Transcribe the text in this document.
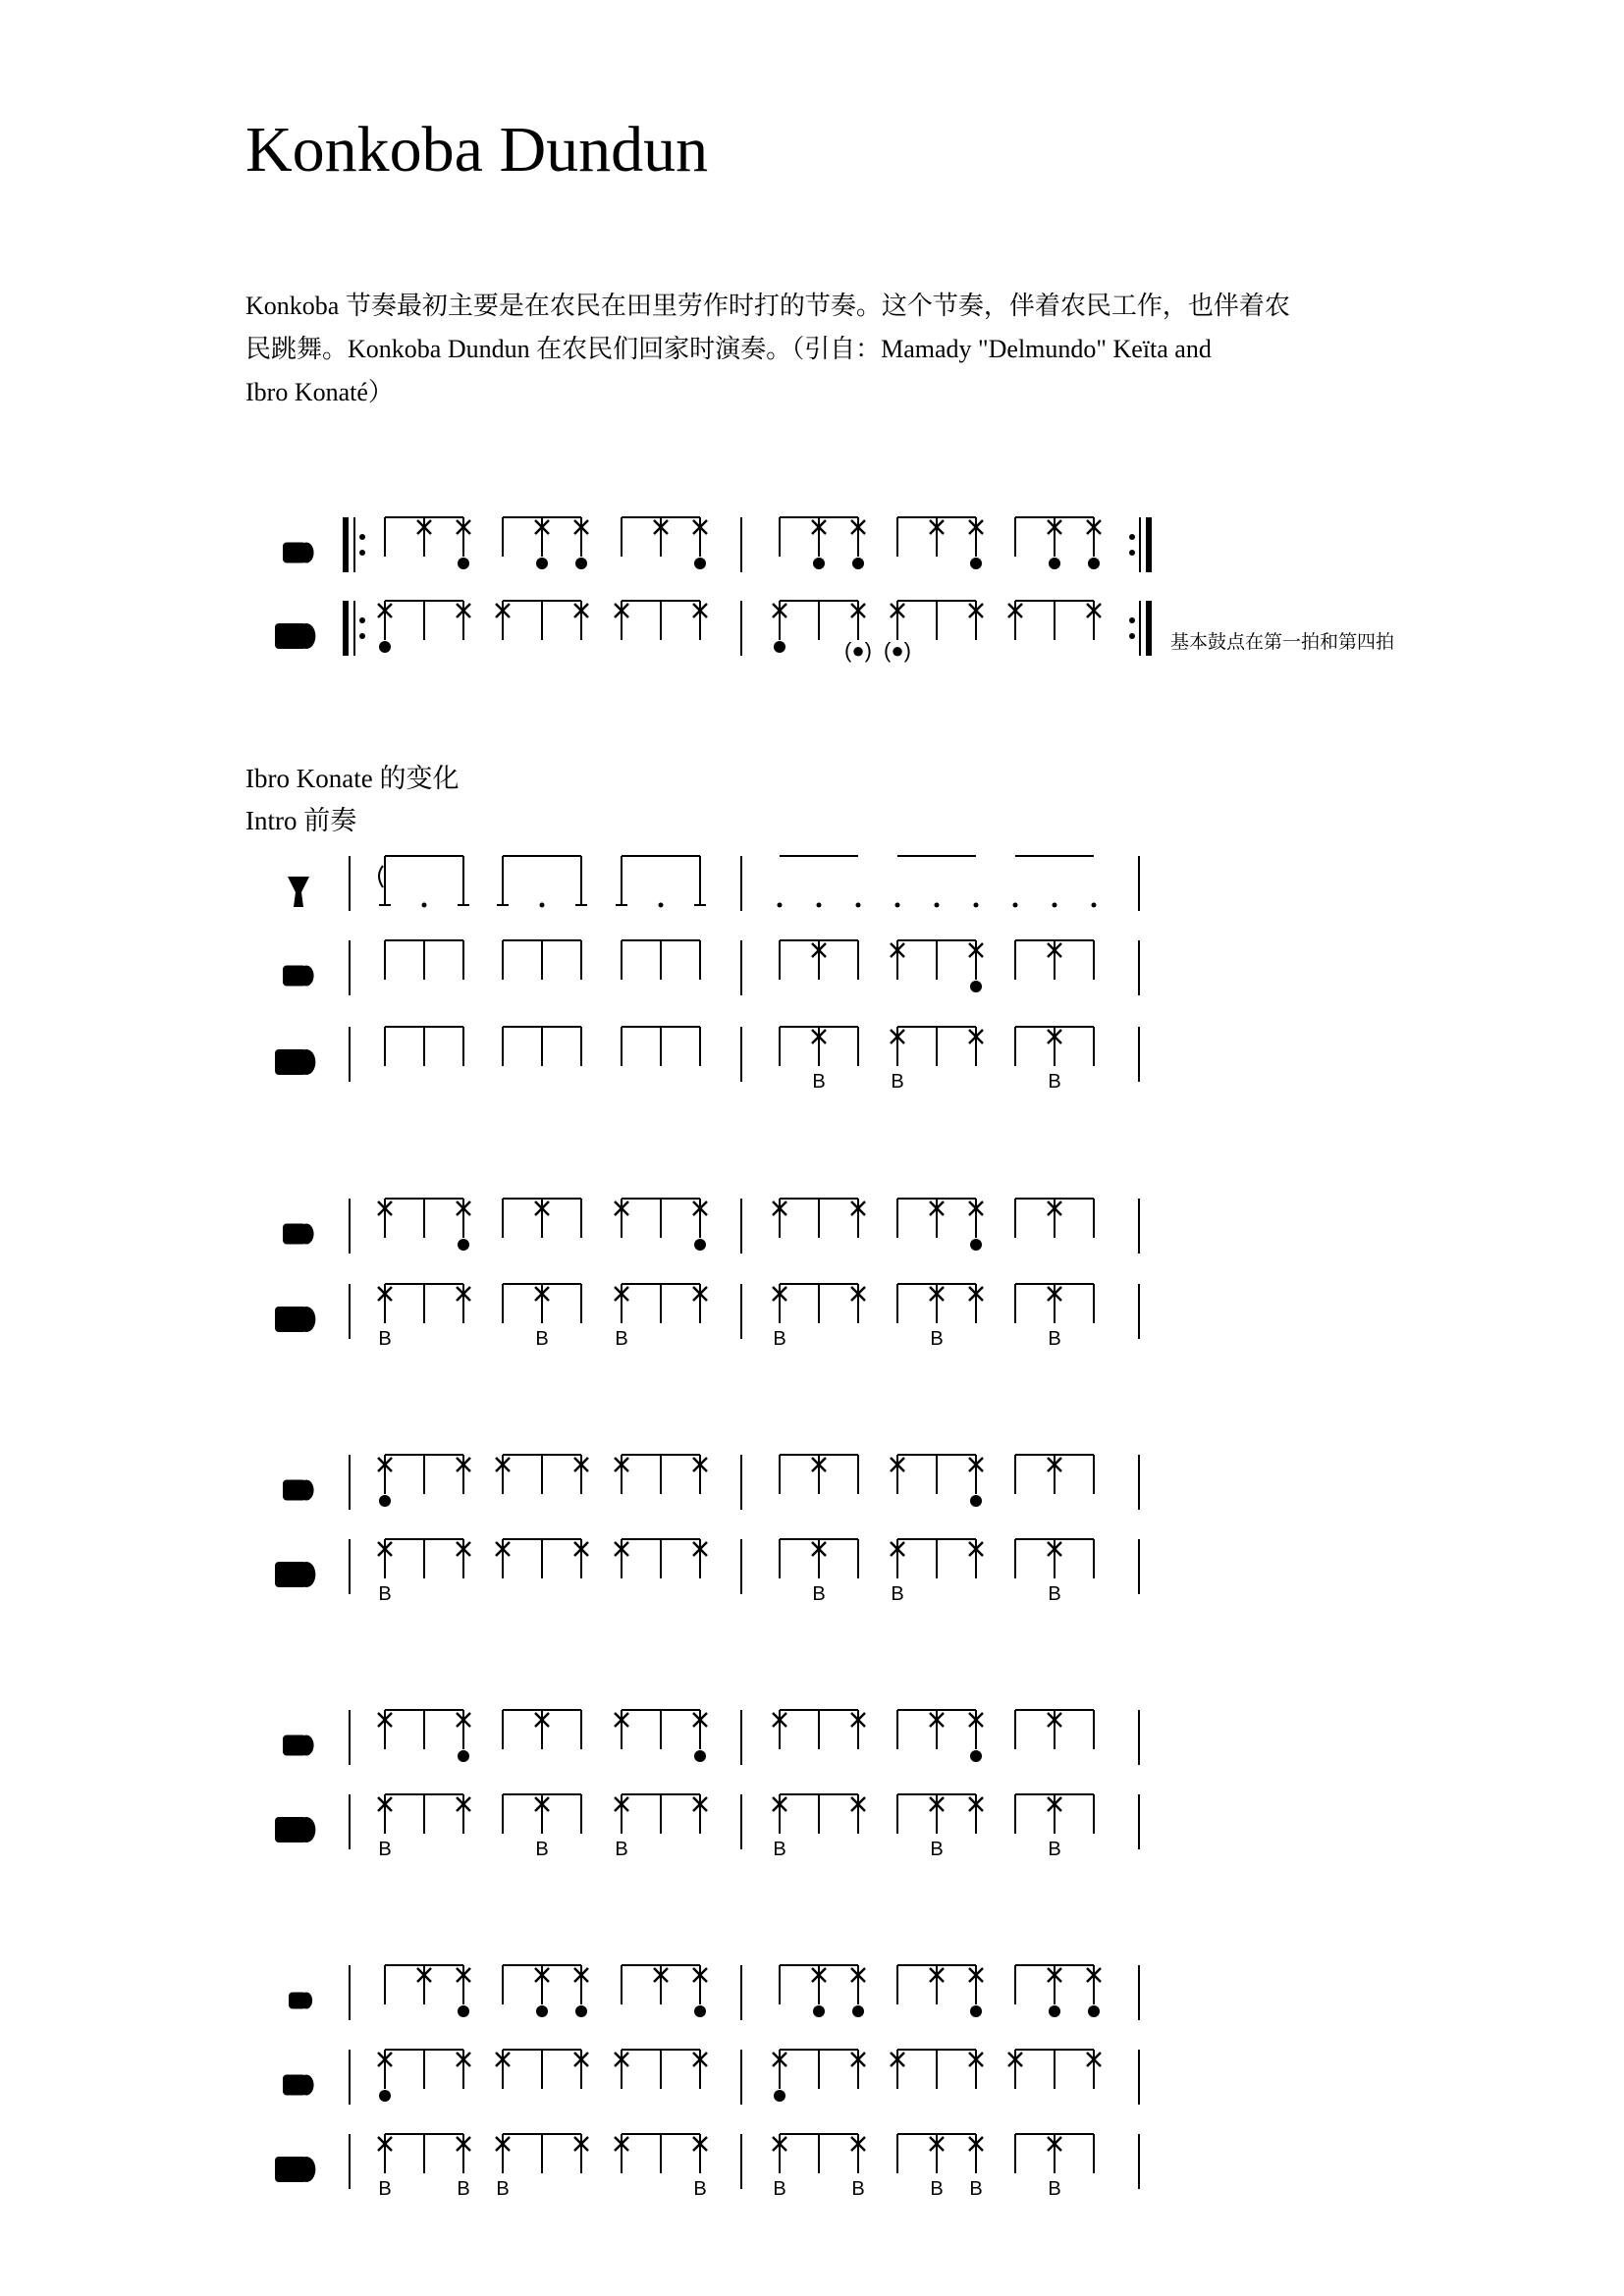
Konkoba Dundun
Konkoba 节奏最初主要是在农民在田里劳作时打的节奏。这个节奏，伴着农民工作，也伴着农
民跳舞。Konkoba Dundun 在农民们回家时演奏。（引自：Mamady "Delmundo" Keïta and
Ibro Konaté）
Ibro Konate 的变化
Intro 前奏
基本鼓点在第一拍和第四拍
(●) (●)
B	B	B
B	B	B	B	B	B
B	B	B	B
B	B	B	B	B	B
B	B B	B	B	B	B B	B
